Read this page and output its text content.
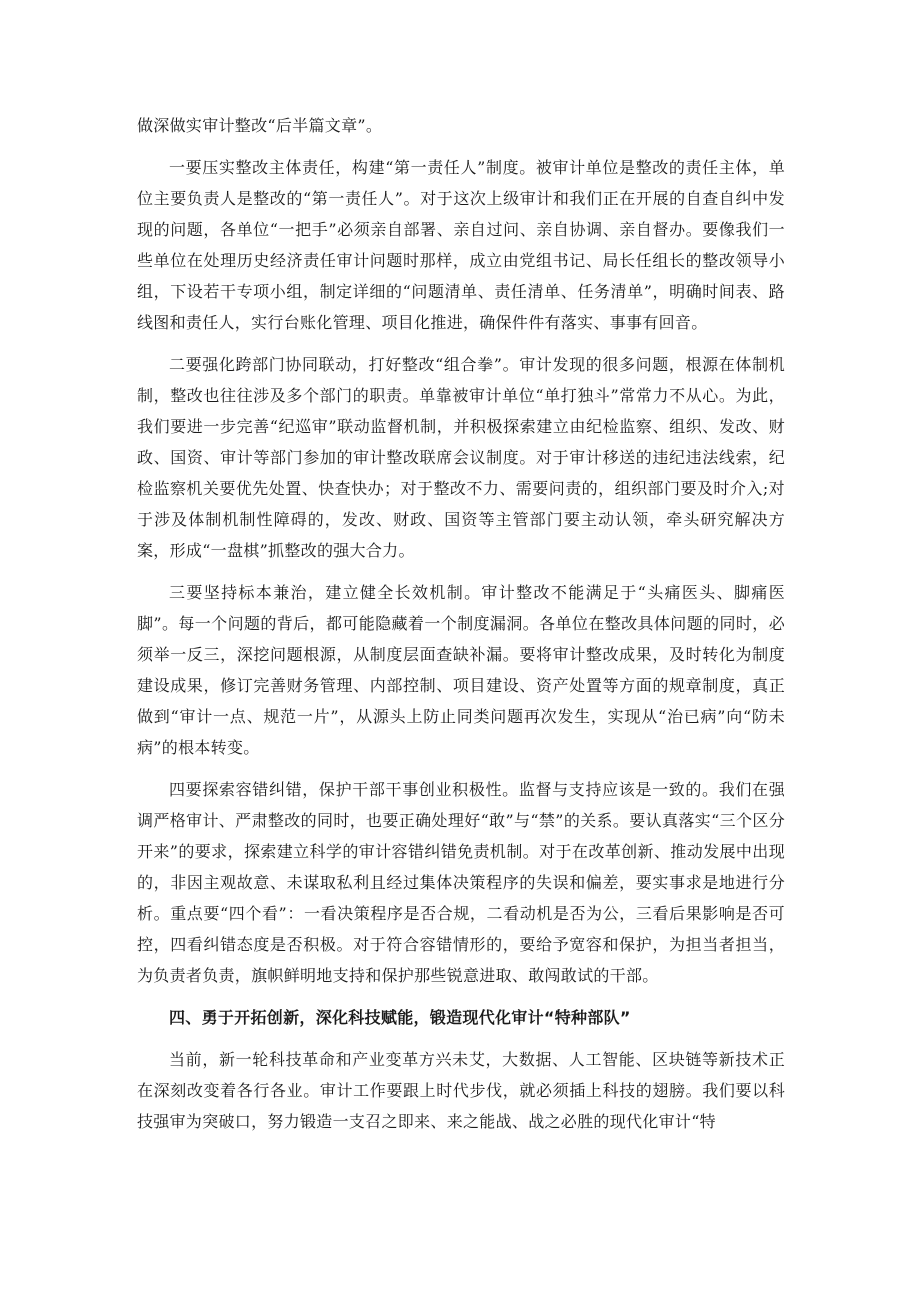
做深做实审计整改“后半篇文章”。

一要压实整改主体责任，构建“第一责任人”制度。被审计单位是整改的责任主体，单位主要负责人是整改的“第一责任人”。对于这次上级审计和我们正在开展的自查自纠中发现的问题，各单位“一把手”必须亲自部署、亲自过问、亲自协调、亲自督办。要像我们一些单位在处理历史经济责任审计问题时那样，成立由党组书记、局长任组长的整改领导小组，下设若干专项小组，制定详细的“问题清单、责任清单、任务清单”，明确时间表、路线图和责任人，实行台账化管理、项目化推进，确保件件有落实、事事有回音。

二要强化跨部门协同联动，打好整改“组合拳”。审计发现的很多问题，根源在体制机制，整改也往往涉及多个部门的职责。单靠被审计单位“单打独斗”常常力不从心。为此，我们要进一步完善“纪巡审”联动监督机制，并积极探索建立由纪检监察、组织、发改、财政、国资、审计等部门参加的审计整改联席会议制度。对于审计移送的违纪违法线索，纪检监察机关要优先处置、快查快办；对于整改不力、需要问责的，组织部门要及时介入;对于涉及体制机制性障碍的，发改、财政、国资等主管部门要主动认领，牵头研究解决方案，形成“一盘棋”抓整改的强大合力。

三要坚持标本兼治，建立健全长效机制。审计整改不能满足于“头痛医头、脚痛医脚”。每一个问题的背后，都可能隐藏着一个制度漏洞。各单位在整改具体问题的同时，必须举一反三，深挖问题根源，从制度层面查缺补漏。要将审计整改成果，及时转化为制度建设成果，修订完善财务管理、内部控制、项目建设、资产处置等方面的规章制度，真正做到“审计一点、规范一片”，从源头上防止同类问题再次发生，实现从“治已病”向“防未病”的根本转变。

四要探索容错纠错，保护干部干事创业积极性。监督与支持应该是一致的。我们在强调严格审计、严肃整改的同时，也要正确处理好“敢”与“禁”的关系。要认真落实“三个区分开来”的要求，探索建立科学的审计容错纠错免责机制。对于在改革创新、推动发展中出现的，非因主观故意、未谋取私利且经过集体决策程序的失误和偏差，要实事求是地进行分析。重点要“四个看”：一看决策程序是否合规，二看动机是否为公，三看后果影响是否可控，四看纠错态度是否积极。对于符合容错情形的，要给予宽容和保护，为担当者担当，为负责者负责，旗帜鲜明地支持和保护那些锐意进取、敢闯敢试的干部。

四、勇于开拓创新，深化科技赋能，锻造现代化审计“特种部队”

当前，新一轮科技革命和产业变革方兴未艾，大数据、人工智能、区块链等新技术正在深刻改变着各行各业。审计工作要跟上时代步伐，就必须插上科技的翅膀。我们要以科技强审为突破口，努力锻造一支召之即来、来之能战、战之必胜的现代化审计“特
